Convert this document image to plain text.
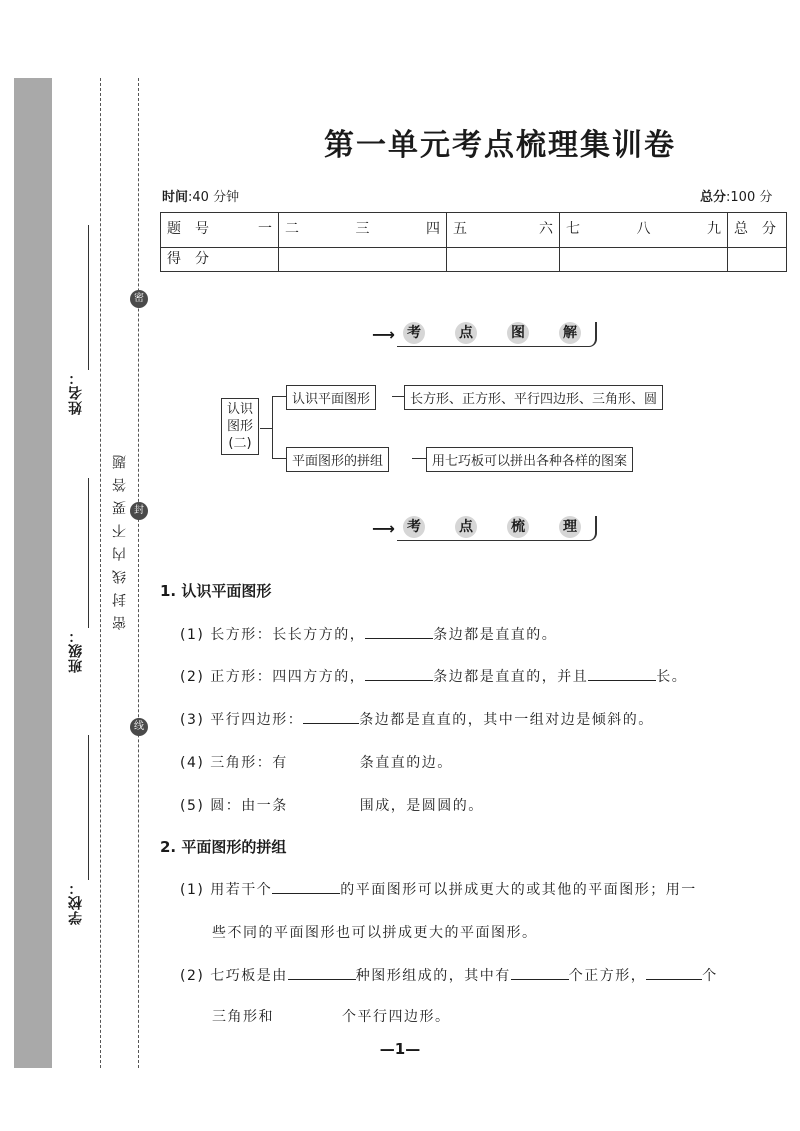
姓名：
班级：
学校：
密
封
线
密封线内不要答题
第一单元考点梳理集训卷
时间:40 分钟	总分:100 分
题　号 一	二 三 四	五 六	七 八 九	总　分

得　分				
⟶ 考	点	图	解
认识
图形
(二)
认识平面图形	长方形、正方形、平行四边形、三角形、圆
平面图形的拼组	用七巧板可以拼出各种各样的图案
⟶ 考	点	梳	理
1. 认识平面图形
(1) 长方形：长长方方的，	条边都是直直的。
(2) 正方形：四四方方的，	条边都是直直的，并且	长。
(3) 平行四边形：	条边都是直直的，其中一组对边是倾斜的。
(4) 三角形：有	条直直的边。
(5) 圆：由一条	围成，是圆圆的。
2. 平面图形的拼组
(1) 用若干个	的平面图形可以拼成更大的或其他的平面图形；用一
些不同的平面图形也可以拼成更大的平面图形。
(2) 七巧板是由	种图形组成的，其中有	个正方形，	个
三角形和	个平行四边形。
—1—
